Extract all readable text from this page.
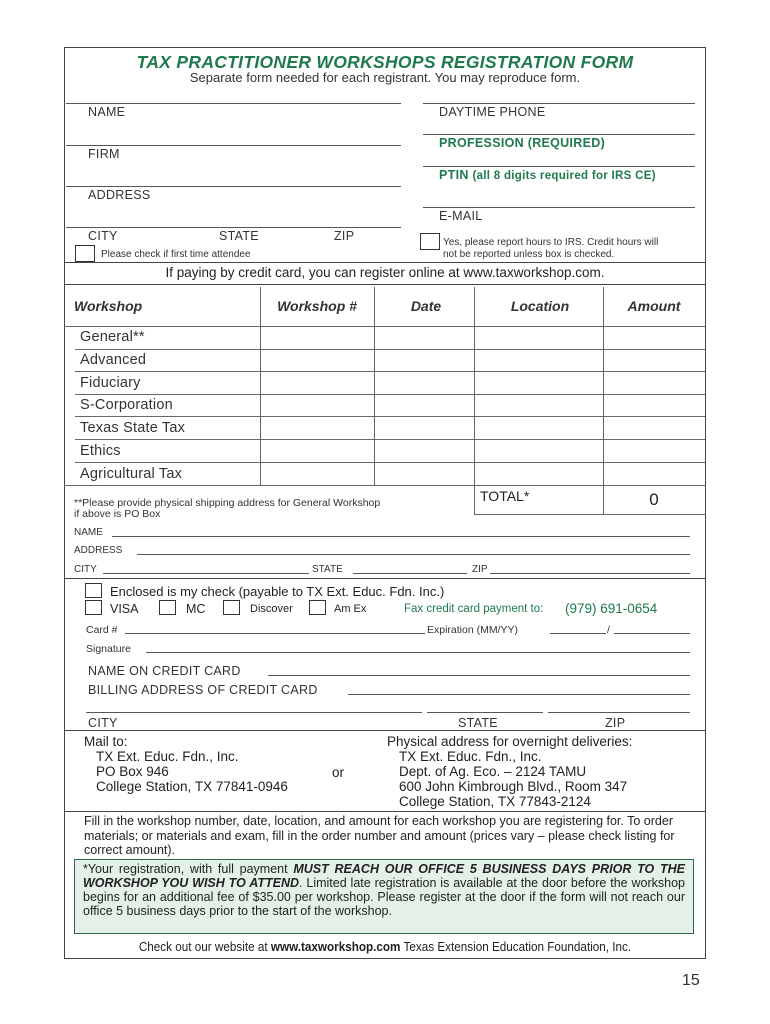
TAX PRACTITIONER WORKSHOPS REGISTRATION FORM
Separate form needed for each registrant. You may reproduce form.
NAME
FIRM
ADDRESS
CITY	STATE	ZIP
Please check if first time attendee
DAYTIME PHONE
PROFESSION (REQUIRED)
PTIN (all 8 digits required for IRS CE)
E-MAIL
Yes, please report hours to IRS. Credit hours will
not be reported unless box is checked.
If paying by credit card, you can register online at www.taxworkshop.com.
Workshop	Workshop #	Date	Location	Amount
General**
Advanced
Fiduciary
S-Corporation
Texas State Tax
Ethics
Agricultural Tax
**Please provide physical shipping address for General Workshop
if above is PO Box
TOTAL*	0
NAME
ADDRESS
CITY	STATE	ZIP
Enclosed is my check (payable to TX Ext. Educ. Fdn. Inc.)
VISA	MC	Discover	Am Ex	Fax credit card payment to: (979) 691-0654
Card #	Expiration (MM/YY)	/
Signature
NAME ON CREDIT CARD
BILLING ADDRESS OF CREDIT CARD
CITY	STATE	ZIP
Mail to:
TX Ext. Educ. Fdn., Inc.
PO Box 946
College Station, TX 77841-0946
or
Physical address for overnight deliveries:
TX Ext. Educ. Fdn., Inc.
Dept. of Ag. Eco. – 2124 TAMU
600 John Kimbrough Blvd., Room 347
College Station, TX 77843-2124
Fill in the workshop number, date, location, and amount for each workshop you are registering for. To order materials; or materials and exam, fill in the order number and amount (prices vary – please check listing for correct amount).
*Your registration, with full payment MUST REACH OUR OFFICE 5 BUSINESS DAYS PRIOR TO THE WORKSHOP YOU WISH TO ATTEND. Limited late registration is available at the door before the workshop begins for an additional fee of $35.00 per workshop. Please register at the door if the form will not reach our office 5 business days prior to the start of the workshop.
Check out our website at www.taxworkshop.com Texas Extension Education Foundation, Inc.
15
